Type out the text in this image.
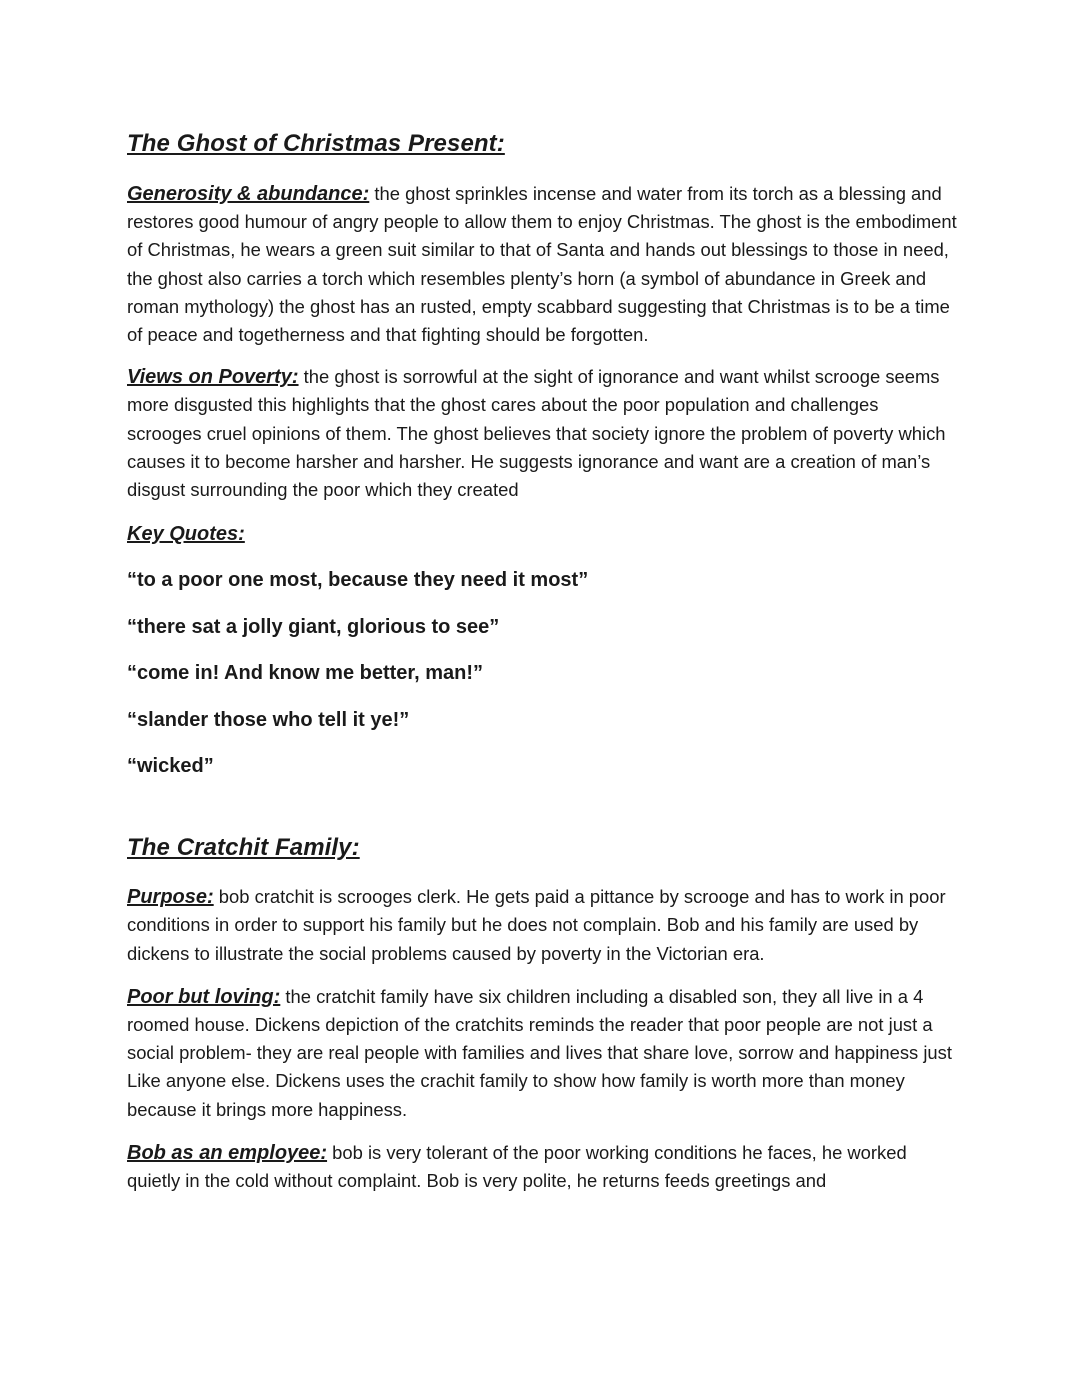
The Ghost of Christmas Present:

Generosity & abundance: the ghost sprinkles incense and water from its torch as a blessing and restores good humour of angry people to allow them to enjoy Christmas. The ghost is the embodiment of Christmas, he wears a green suit similar to that of Santa and hands out blessings to those in need, the ghost also carries a torch which resembles plenty’s horn (a symbol of abundance in Greek and roman mythology) the ghost has an rusted, empty scabbard suggesting that Christmas is to be a time of peace and togetherness and that fighting should be forgotten.

Views on Poverty: the ghost is sorrowful at the sight of ignorance and want whilst scrooge seems more disgusted this highlights that the ghost cares about the poor population and challenges scrooges cruel opinions of them. The ghost believes that society ignore the problem of poverty which causes it to become harsher and harsher. He suggests ignorance and want are a creation of man’s disgust surrounding the poor which they created

Key Quotes:

“to a poor one most, because they need it most”

“there sat a jolly giant, glorious to see”

“come in! And know me better, man!”

“slander those who tell it ye!”

“wicked”

The Cratchit Family:

Purpose: bob cratchit is scrooges clerk. He gets paid a pittance by scrooge and has to work in poor conditions in order to support his family but he does not complain. Bob and his family are used by dickens to illustrate the social problems caused by poverty in the Victorian era.

Poor but loving: the cratchit family have six children including a disabled son, they all live in a 4 roomed house. Dickens depiction of the cratchits reminds the reader that poor people are not just a social problem- they are real people with families and lives that share love, sorrow and happiness just Like anyone else. Dickens uses the crachit family to show how family is worth more than money because it brings more happiness.

Bob as an employee: bob is very tolerant of the poor working conditions he faces, he worked quietly in the cold without complaint. Bob is very polite, he returns feeds greetings and
